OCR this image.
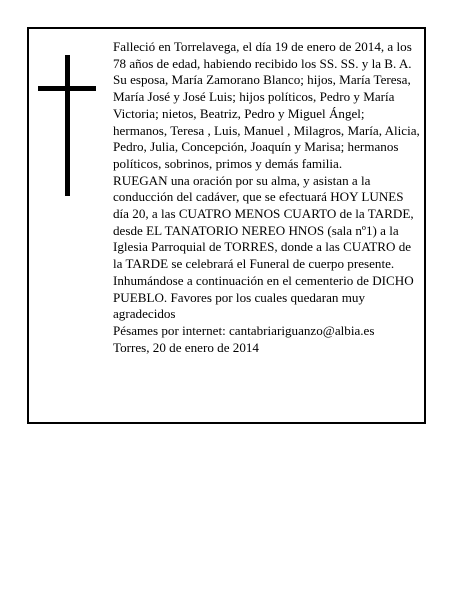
Falleció en Torrelavega, el día 19 de enero de 2014, a los 78 años de edad, habiendo recibido los SS. SS. y la B. A.

Su esposa, María Zamorano Blanco; hijos, María Teresa, María José y José Luis; hijos políticos, Pedro y María Victoria; nietos, Beatriz, Pedro y Miguel Ángel; hermanos, Teresa , Luis, Manuel , Milagros, María, Alicia, Pedro, Julia, Concepción, Joaquín y Marisa; hermanos políticos, sobrinos, primos y demás familia.

RUEGAN una oración por su alma, y asistan a la conducción del cadáver, que se efectuará HOY LUNES día 20, a las CUATRO MENOS CUARTO de la TARDE, desde EL TANATORIO NEREO HNOS (sala nº1) a la Iglesia Parroquial de TORRES, donde a las CUATRO de la TARDE se celebrará el Funeral de cuerpo presente. Inhumándose a continuación en el cementerio de DICHO PUEBLO. Favores por los cuales quedaran muy agradecidos

Pésames por internet: cantabriariguanzo@albia.es

Torres, 20 de enero de 2014
